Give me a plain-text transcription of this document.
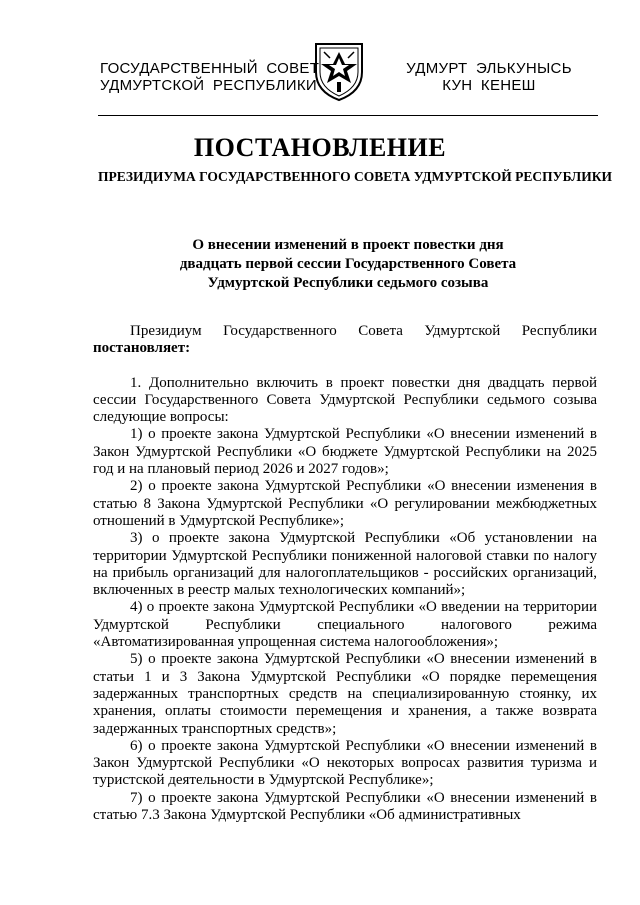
ГОСУДАРСТВЕННЫЙ СОВЕТ
УДМУРТСКОЙ РЕСПУБЛИКИ
УДМУРТ ЭЛЬКУНЫСЬ
КУН КЕНЕШ
ПОСТАНОВЛЕНИЕ
ПРЕЗИДИУМА ГОСУДАРСТВЕННОГО СОВЕТА УДМУРТСКОЙ РЕСПУБЛИКИ
О внесении изменений в проект повестки дня
двадцать первой сессии Государственного Совета
Удмуртской Республики седьмого созыва

Президиум Государственного Совета Удмуртской Республики постановляет:

1. Дополнительно включить в проект повестки дня двадцать первой сессии Государственного Совета Удмуртской Республики седьмого созыва следующие вопросы:

1) о проекте закона Удмуртской Республики «О внесении изменений в Закон Удмуртской Республики «О бюджете Удмуртской Республики на 2025 год и на плановый период 2026 и 2027 годов»;

2) о проекте закона Удмуртской Республики «О внесении изменения в статью 8 Закона Удмуртской Республики «О регулировании межбюджетных отношений в Удмуртской Республике»;

3) о проекте закона Удмуртской Республики «Об установлении на территории Удмуртской Республики пониженной налоговой ставки по налогу на прибыль организаций для налогоплательщиков - российских организаций, включенных в реестр малых технологических компаний»;

4) о проекте закона Удмуртской Республики «О введении на территории Удмуртской Республики специального налогового режима «Автоматизированная упрощенная система налогообложения»;

5) о проекте закона Удмуртской Республики «О внесении изменений в статьи 1 и 3 Закона Удмуртской Республики «О порядке перемещения задержанных транспортных средств на специализированную стоянку, их хранения, оплаты стоимости перемещения и хранения, а также возврата задержанных транспортных средств»;

6) о проекте закона Удмуртской Республики «О внесении изменений в Закон Удмуртской Республики «О некоторых вопросах развития туризма и туристской деятельности в Удмуртской Республике»;

7) о проекте закона Удмуртской Республики «О внесении изменений в статью 7.3 Закона Удмуртской Республики «Об административных
